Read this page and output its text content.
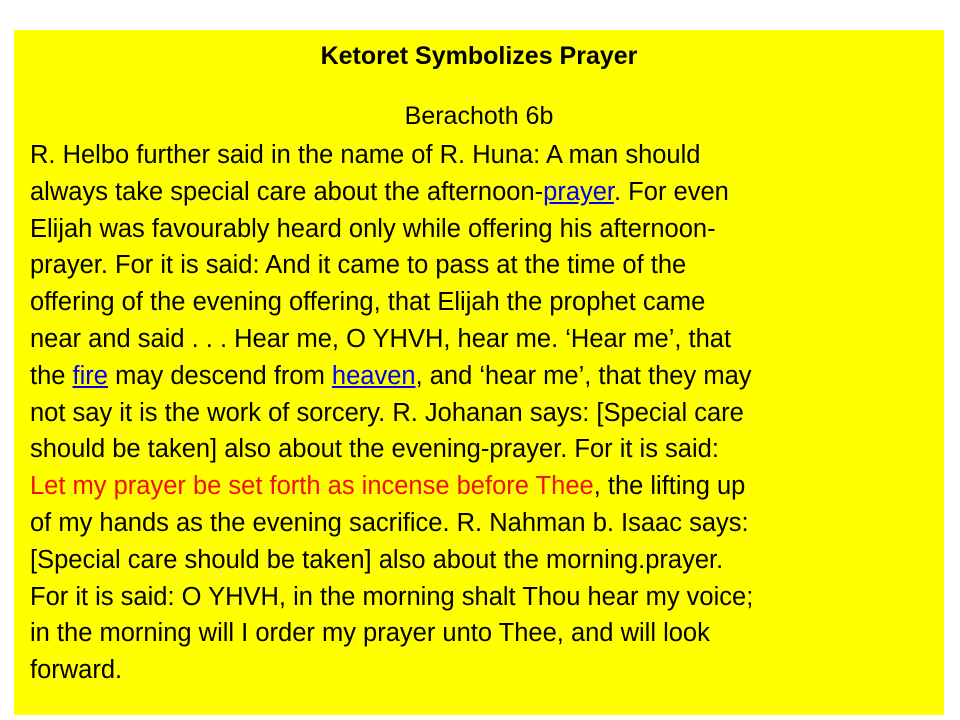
Ketoret Symbolizes Prayer
Berachoth 6b

R. Helbo further said in the name of R. Huna: A man should
always take special care about the afternoon-prayer. For even
Elijah was favourably heard only while offering his afternoon-
prayer. For it is said: And it came to pass at the time of the
offering of the evening offering, that Elijah the prophet came
near and said . . . Hear me, O YHVH, hear me. ‘Hear me’, that
the fire may descend from heaven, and ‘hear me’, that they may
not say it is the work of sorcery. R. Johanan says: [Special care
should be taken] also about the evening-prayer. For it is said:
Let my prayer be set forth as incense before Thee, the lifting up
of my hands as the evening sacrifice. R. Nahman b. Isaac says:
[Special care should be taken] also about the morning.prayer.
For it is said: O YHVH, in the morning shalt Thou hear my voice;
in the morning will I order my prayer unto Thee, and will look
forward.
